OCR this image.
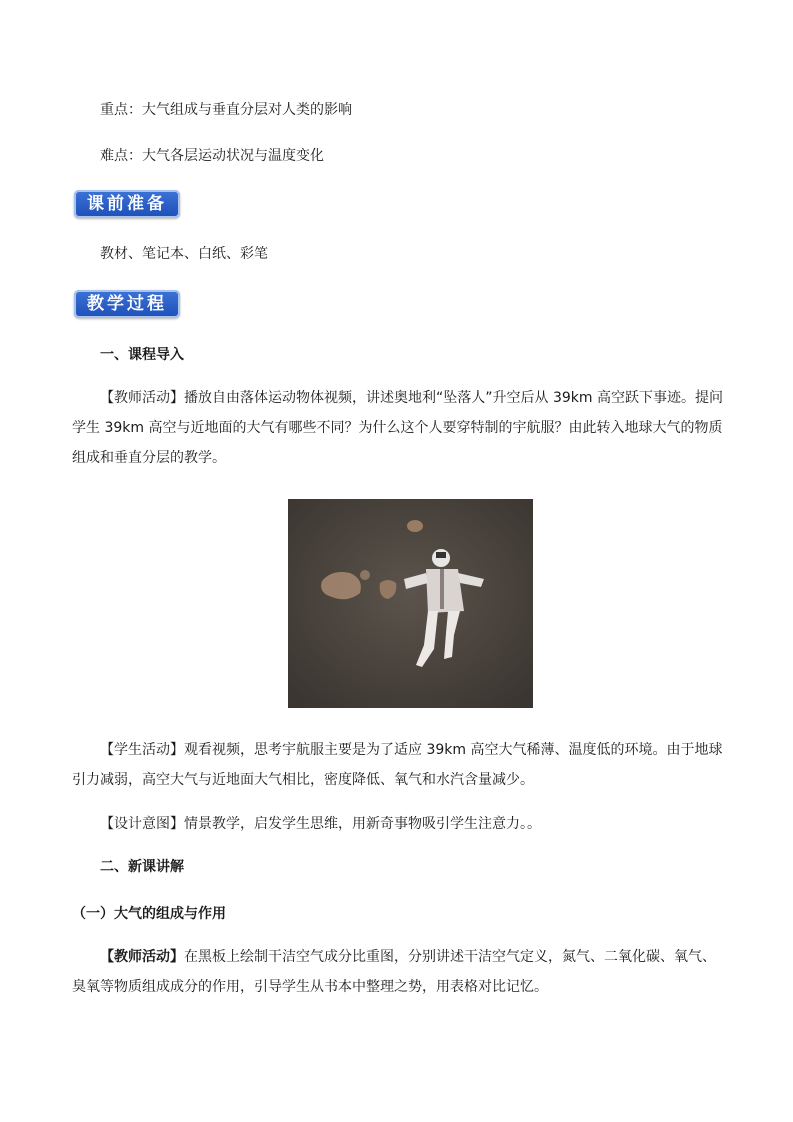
重点：大气组成与垂直分层对人类的影响
难点：大气各层运动状况与温度变化
课前准备
教材、笔记本、白纸、彩笔
教学过程
一、课程导入
【教师活动】播放自由落体运动物体视频，讲述奥地利“坠落人”升空后从 39km 高空跃下事迹。提问学生 39km 高空与近地面的大气有哪些不同？为什么这个人要穿特制的宇航服？由此转入地球大气的物质组成和垂直分层的教学。
【学生活动】观看视频，思考宇航服主要是为了适应 39km 高空大气稀薄、温度低的环境。由于地球引力减弱，高空大气与近地面大气相比，密度降低、氧气和水汽含量减少。
【设计意图】情景教学，启发学生思维，用新奇事物吸引学生注意力。。
二、新课讲解
（一）大气的组成与作用
【教师活动】在黑板上绘制干洁空气成分比重图，分别讲述干洁空气定义，氮气、二氧化碳、氧气、臭氧等物质组成成分的作用，引导学生从书本中整理之势，用表格对比记忆。
